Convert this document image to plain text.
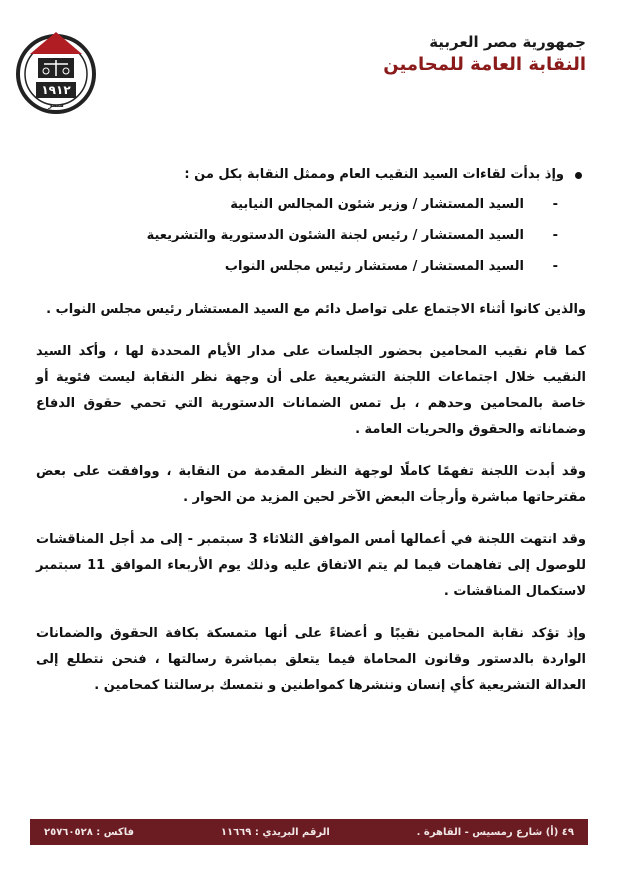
١٩١٢
مصر
جمهورية مصر العربية
النقابة العامة للمحامين

وإذ بدأت لقاءات السيد النقيب العام وممثل النقابة بكل من :

-
السيد المستشار / وزير شئون المجالس النيابية
-
السيد المستشار / رئيس لجنة الشئون الدستورية والتشريعية
-
السيد المستشار / مستشار رئيس مجلس النواب

والذين كانوا أثناء الاجتماع على تواصل دائم مع السيد المستشار رئيس مجلس النواب .

كما قام نقيب المحامين بحضور الجلسات على مدار الأيام المحددة لها ، وأكد السيد النقيب خلال اجتماعات اللجنة التشريعية على أن وجهة نظر النقابة ليست فئوية أو خاصة بالمحامين وحدهم ، بل تمس الضمانات الدستورية التي تحمي حقوق الدفاع وضماناته والحقوق والحريات العامة .

وقد أبدت اللجنة تفهمًا كاملًا لوجهة النظر المقدمة من النقابة ، ووافقت على بعض مقترحاتها مباشرة وأرجأت البعض الآخر لحين المزيد من الحوار .

وقد انتهت اللجنة في أعمالها أمس الموافق الثلاثاء 3 سبتمبر - إلى مد أجل المناقشات للوصول إلى تفاهمات فيما لم يتم الاتفاق عليه وذلك يوم الأربعاء الموافق 11 سبتمبر لاستكمال المناقشات .

وإذ تؤكد نقابة المحامين نقيبًا و أعضاءً على أنها متمسكة بكافة الحقوق والضمانات الواردة بالدستور وقانون المحاماة فيما يتعلق بمباشرة رسالتها ، فنحن نتطلع إلى العدالة التشريعية كأي إنسان وننشرها كمواطنين و نتمسك برسالتنا كمحامين .

٤٩ (أ) شارع رمسيس - القاهرة .
الرقم البريدي : ١١٦٦٩
فاكس : ٢٥٧٦٠٥٢٨
